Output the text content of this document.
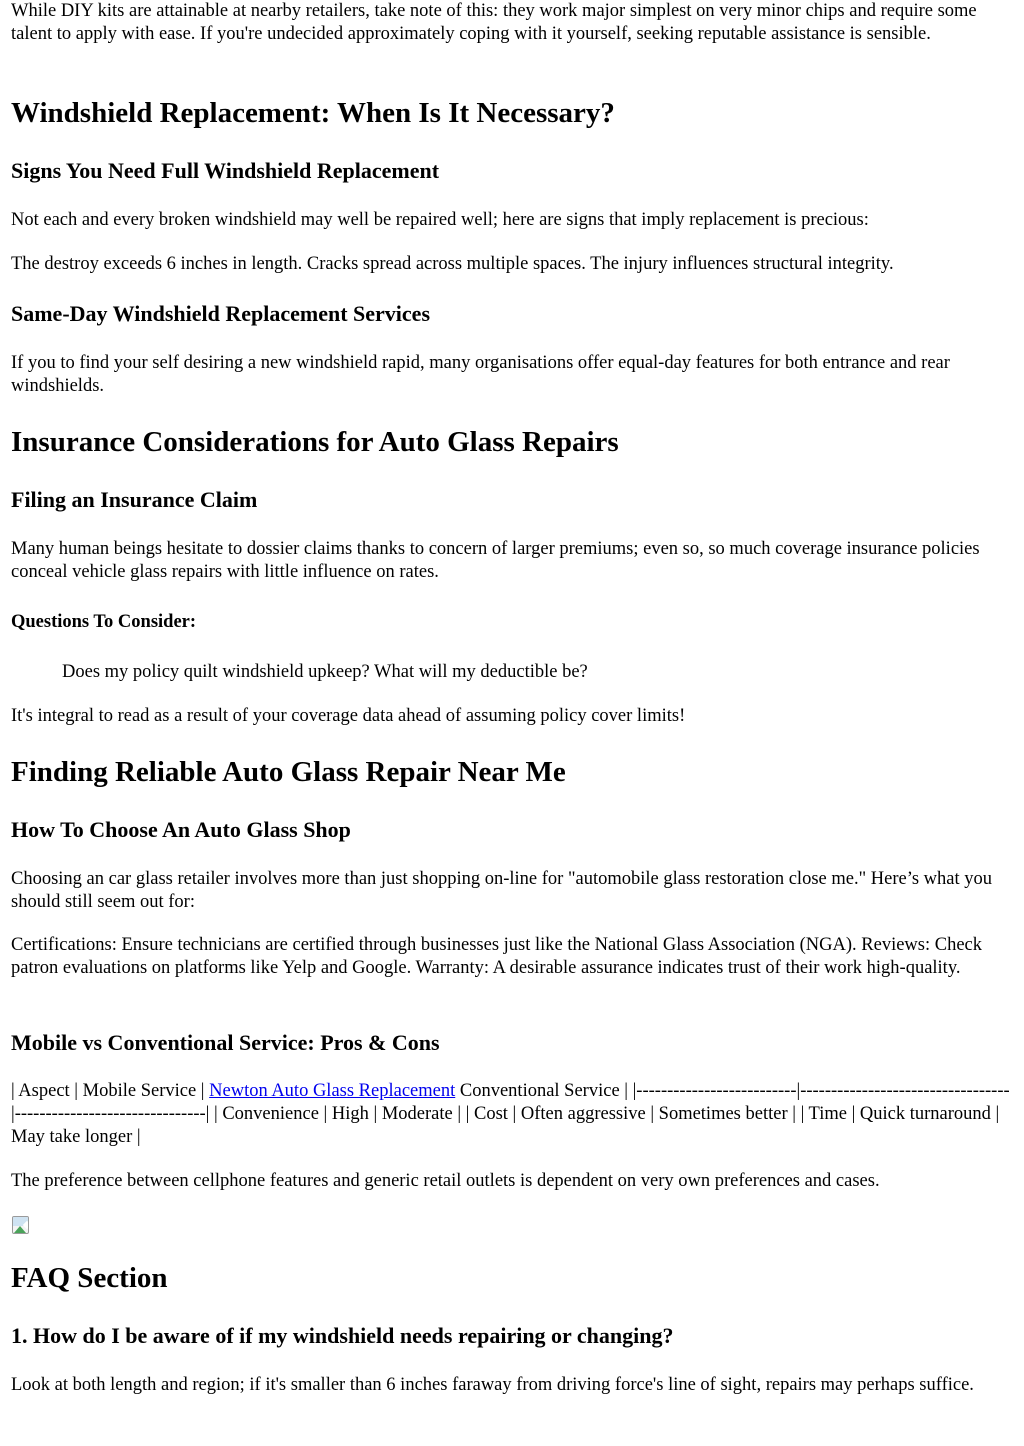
While DIY kits are attainable at nearby retailers, take note of this: they work major simplest on very minor chips and require some talent to apply with ease. If you're undecided approximately coping with it yourself, seeking reputable assistance is sensible.

Windshield Replacement: When Is It Necessary?
Signs You Need Full Windshield Replacement

Not each and every broken windshield may well be repaired well; here are signs that imply replacement is precious:

The destroy exceeds 6 inches in length. Cracks spread across multiple spaces. The injury influences structural integrity.

Same-Day Windshield Replacement Services

If you to find your self desiring a new windshield rapid, many organisations offer equal-day features for both entrance and rear windshields.

Insurance Considerations for Auto Glass Repairs
Filing an Insurance Claim

Many human beings hesitate to dossier claims thanks to concern of larger premiums; even so, so much coverage insurance policies conceal vehicle glass repairs with little influence on rates.

Questions To Consider:

Does my policy quilt windshield upkeep? What will my deductible be?

It's integral to read as a result of your coverage data ahead of assuming policy cover limits!

Finding Reliable Auto Glass Repair Near Me
How To Choose An Auto Glass Shop

Choosing an car glass retailer involves more than just shopping on-line for "automobile glass restoration close me." Here’s what you should still seem out for:

Certifications: Ensure technicians are certified through businesses just like the National Glass Association (NGA). Reviews: Check patron evaluations on platforms like Yelp and Google. Warranty: A desirable assurance indicates trust of their work high-quality.

Mobile vs Conventional Service: Pros & Cons

| Aspect | Mobile Service | Newton Auto Glass Replacement Conventional Service | |--------------------------|----------------------------------|-------------------------------| | Convenience | High | Moderate | | Cost | Often aggressive | Sometimes better | | Time | Quick turnaround | May take longer |

The preference between cellphone features and generic retail outlets is dependent on very own preferences and cases.

FAQ Section
1. How do I be aware of if my windshield needs repairing or changing?

Look at both length and region; if it's smaller than 6 inches faraway from driving force's line of sight, repairs may perhaps suffice.
